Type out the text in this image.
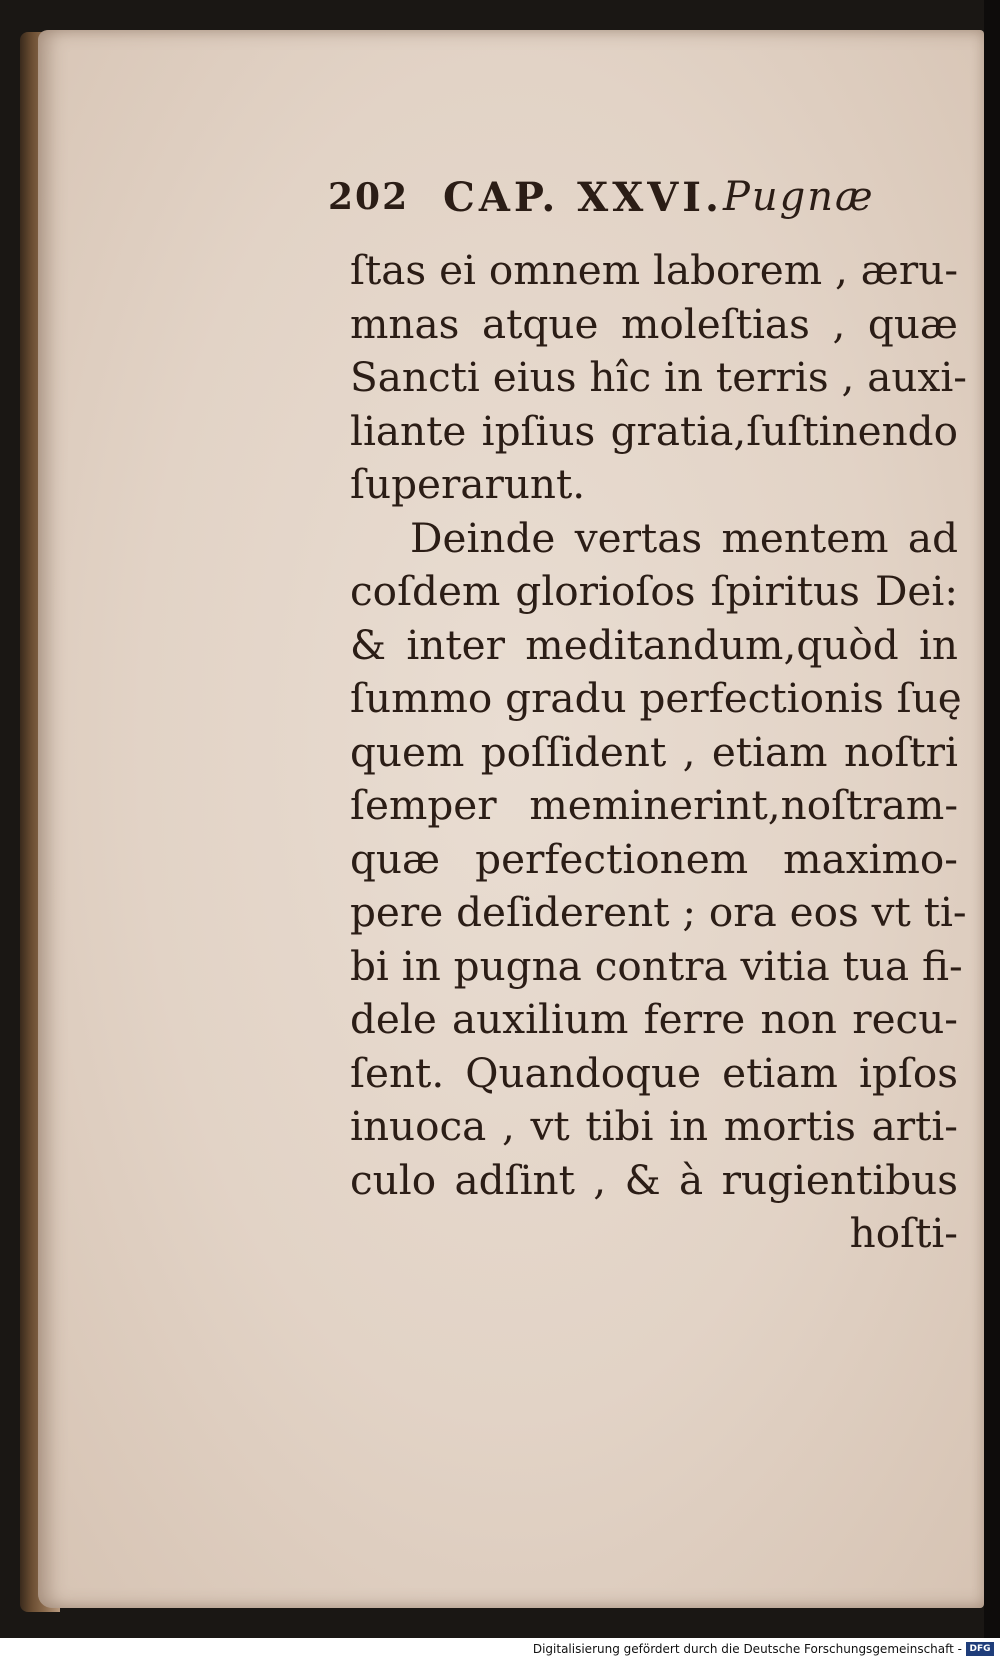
202 CAP. XXVI. Pugnæ
ſtas ei omnem laborem , æru-
mnas atque moleſtias , quæ
Sancti eius hîc in terris , auxi-
liante ipſius gratia,ſuſtinendo
ſuperarunt.
Deinde vertas mentem ad
coſdem glorioſos ſpiritus Dei:
& inter meditandum,quòd in
ſummo gradu perfectionis ſuę
quem poſſident , etiam noſtri
ſemper meminerint,noſtram-
quæ perfectionem maximo-
pere deſiderent ; ora eos vt ti-
bi in pugna contra vitia tua fi-
dele auxilium ferre non recu-
ſent. Quandoque etiam ipſos
inuoca , vt tibi in mortis arti-
culo adſint , & à rugientibus
hoſti-
Digitalisierung gefördert durch die Deutsche Forschungsgemeinschaft - DFG
